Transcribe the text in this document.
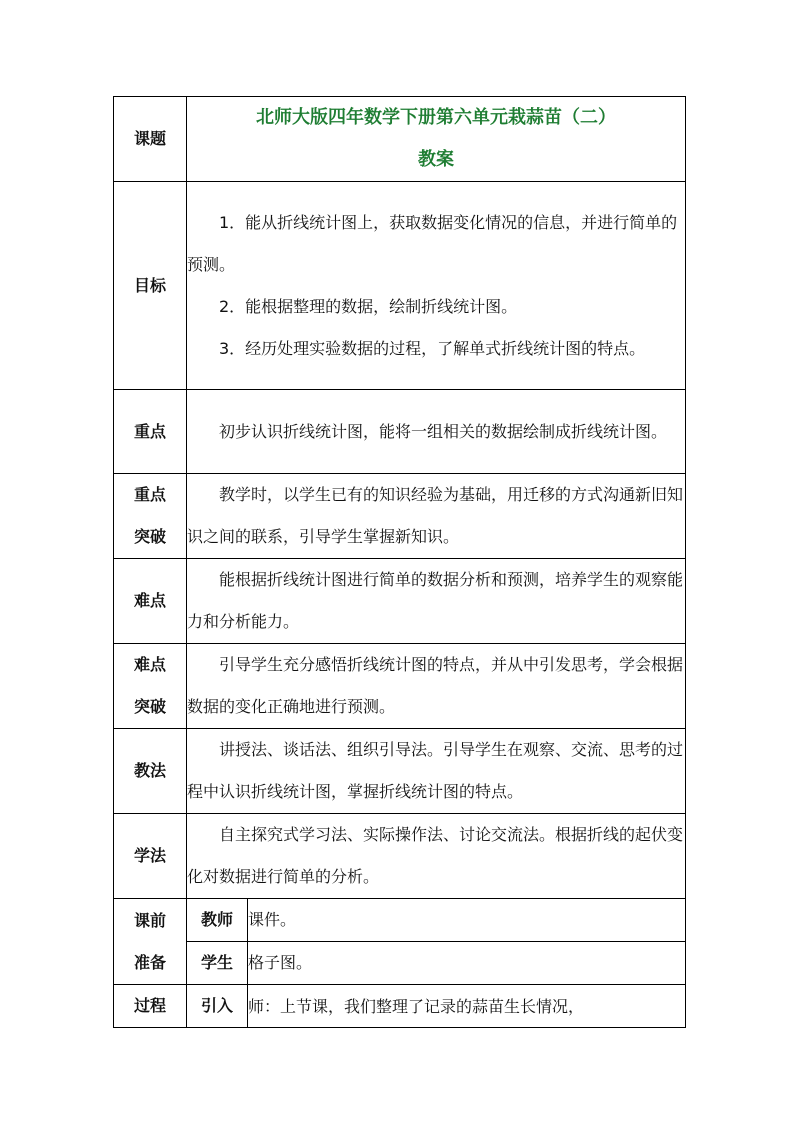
课题	北师大版四年数学下册第六单元栽蒜苗（二）
教案	

目标	1．能从折线统计图上，获取数据变化情况的信息，并进行简单的预测。

2．能根据整理的数据，绘制折线统计图。

3．经历处理实验数据的过程，了解单式折线统计图的特点。	

重点	初步认识折线统计图，能将一组相关的数据绘制成折线统计图。	

重点
突破	教学时，以学生已有的知识经验为基础，用迁移的方式沟通新旧知识之间的联系，引导学生掌握新知识。	

难点	能根据折线统计图进行简单的数据分析和预测，培养学生的观察能力和分析能力。	

难点
突破	引导学生充分感悟折线统计图的特点，并从中引发思考，学会根据数据的变化正确地进行预测。	

教法	讲授法、谈话法、组织引导法。引导学生在观察、交流、思考的过程中认识折线统计图，掌握折线统计图的特点。	

学法	自主探究式学习法、实际操作法、讨论交流法。根据折线的起伏变化对数据进行简单的分析。	

课前
准备	教师	课件。
	学生	格子图。
过程	引入	师：上节课，我们整理了记录的蒜苗生长情况，
